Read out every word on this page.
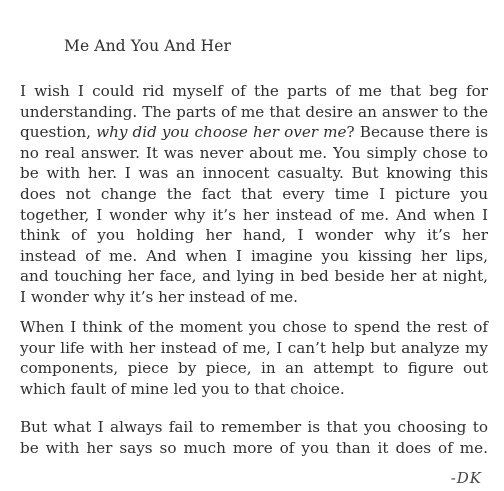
Me And You And Her
I wish I could rid myself of the parts of me that beg for
understanding. The parts of me that desire an answer to the
question, why did you choose her over me? Because there is
no real answer. It was never about me. You simply chose to
be with her. I was an innocent casualty. But knowing this
does not change the fact that every time I picture you
together, I wonder why it’s her instead of me. And when I
think of you holding her hand, I wonder why it’s her
instead of me. And when I imagine you kissing her lips,
and touching her face, and lying in bed beside her at night,
I wonder why it’s her instead of me.
When I think of the moment you chose to spend the rest of
your life with her instead of me, I can’t help but analyze my
components, piece by piece, in an attempt to figure out
which fault of mine led you to that choice.
But what I always fail to remember is that you choosing to
be with her says so much more of you than it does of me.
-DK
